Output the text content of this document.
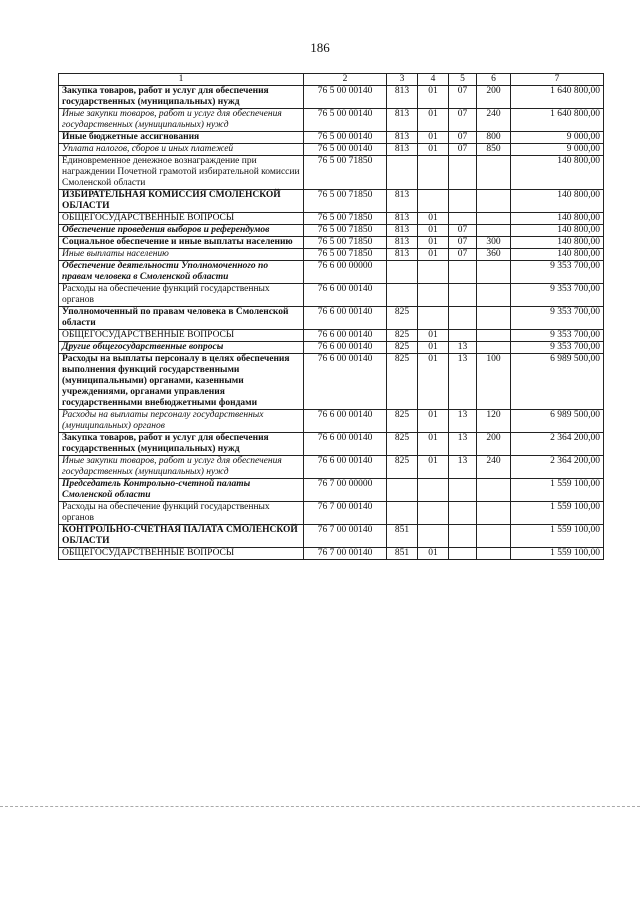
186
1	2	3	4	5	6	7
Закупка товаров, работ и услуг для обеспечения государственных (муниципальных) нужд	76 5 00 00140	813	01	07	200	1 640 800,00
Иные закупки товаров, работ и услуг для обеспечения государственных (муниципальных) нужд	76 5 00 00140	813	01	07	240	1 640 800,00
Иные бюджетные ассигнования	76 5 00 00140	813	01	07	800	9 000,00
Уплата налогов, сборов и иных платежей	76 5 00 00140	813	01	07	850	9 000,00
Единовременное денежное вознаграждение при награждении Почетной грамотой избирательной комиссии Смоленской области	76 5 00 71850					140 800,00
ИЗБИРАТЕЛЬНАЯ КОМИССИЯ СМОЛЕНСКОЙ ОБЛАСТИ	76 5 00 71850	813				140 800,00
ОБЩЕГОСУДАРСТВЕННЫЕ ВОПРОСЫ	76 5 00 71850	813	01			140 800,00
Обеспечение проведения выборов и референдумов	76 5 00 71850	813	01	07		140 800,00
Социальное обеспечение и иные выплаты населению	76 5 00 71850	813	01	07	300	140 800,00
Иные выплаты населению	76 5 00 71850	813	01	07	360	140 800,00
Обеспечение деятельности Уполномоченного по правам человека в Смоленской области	76 6 00 00000					9 353 700,00
Расходы на обеспечение функций государственных органов	76 6 00 00140					9 353 700,00
Уполномоченный по правам человека в Смоленской области	76 6 00 00140	825				9 353 700,00
ОБЩЕГОСУДАРСТВЕННЫЕ ВОПРОСЫ	76 6 00 00140	825	01			9 353 700,00
Другие общегосударственные вопросы	76 6 00 00140	825	01	13		9 353 700,00
Расходы на выплаты персоналу в целях обеспечения выполнения функций государственными (муниципальными) органами, казенными учреждениями, органами управления государственными внебюджетными фондами	76 6 00 00140	825	01	13	100	6 989 500,00
Расходы на выплаты персоналу государственных (муниципальных) органов	76 6 00 00140	825	01	13	120	6 989 500,00
Закупка товаров, работ и услуг для обеспечения государственных (муниципальных) нужд	76 6 00 00140	825	01	13	200	2 364 200,00
Иные закупки товаров, работ и услуг для обеспечения государственных (муниципальных) нужд	76 6 00 00140	825	01	13	240	2 364 200,00
Председатель Контрольно-счетной палаты Смоленской области	76 7 00 00000					1 559 100,00
Расходы на обеспечение функций государственных органов	76 7 00 00140					1 559 100,00
КОНТРОЛЬНО-СЧЕТНАЯ ПАЛАТА СМОЛЕНСКОЙ ОБЛАСТИ	76 7 00 00140	851				1 559 100,00
ОБЩЕГОСУДАРСТВЕННЫЕ ВОПРОСЫ	76 7 00 00140	851	01			1 559 100,00
